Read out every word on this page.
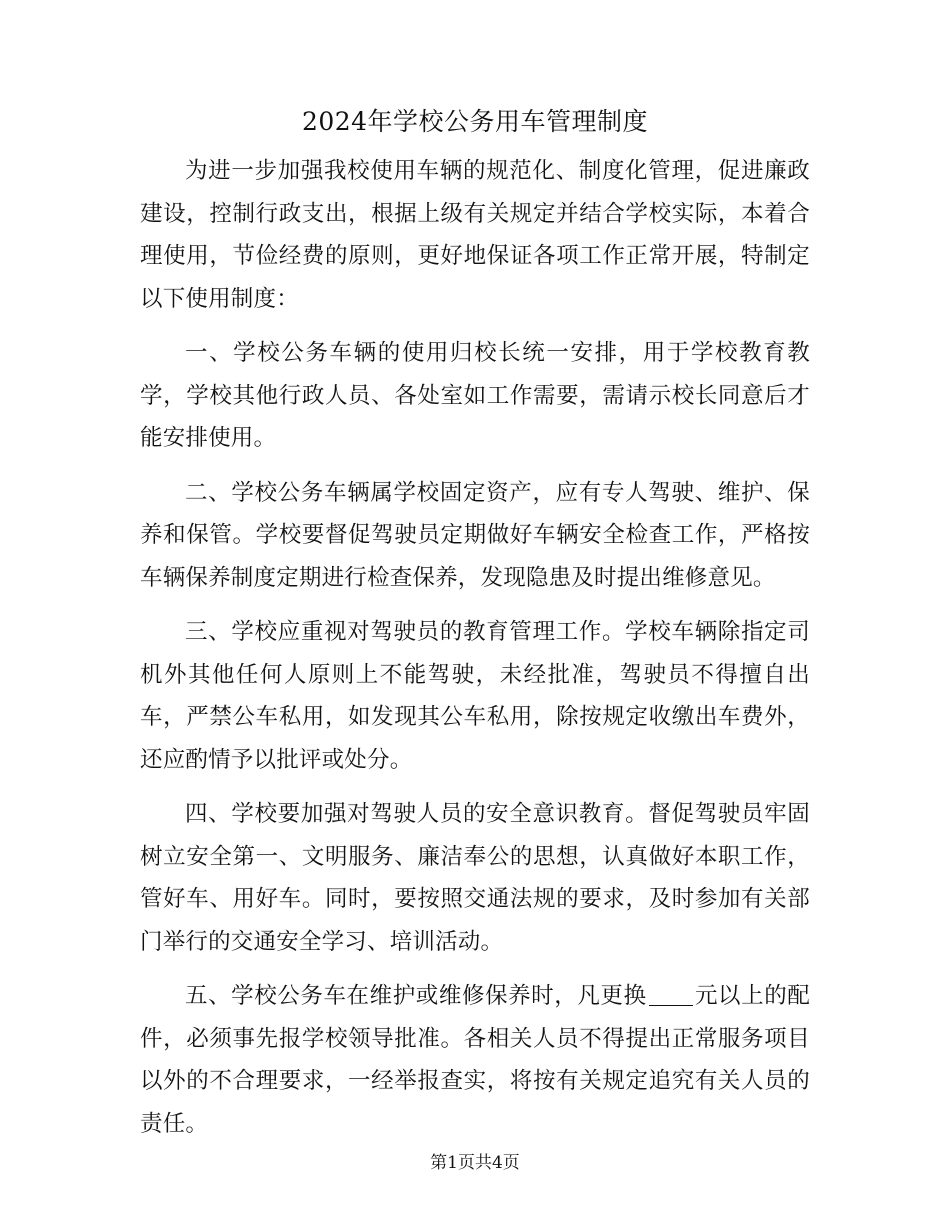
2024年学校公务用车管理制度

为进一步加强我校使用车辆的规范化、制度化管理，促进廉政建设，控制行政支出，根据上级有关规定并结合学校实际，本着合理使用，节俭经费的原则，更好地保证各项工作正常开展，特制定以下使用制度：

一、学校公务车辆的使用归校长统一安排，用于学校教育教学，学校其他行政人员、各处室如工作需要，需请示校长同意后才能安排使用。

二、学校公务车辆属学校固定资产，应有专人驾驶、维护、保养和保管。学校要督促驾驶员定期做好车辆安全检查工作，严格按车辆保养制度定期进行检查保养，发现隐患及时提出维修意见。

三、学校应重视对驾驶员的教育管理工作。学校车辆除指定司机外其他任何人原则上不能驾驶，未经批准，驾驶员不得擅自出车，严禁公车私用，如发现其公车私用，除按规定收缴出车费外，还应酌情予以批评或处分。

四、学校要加强对驾驶人员的安全意识教育。督促驾驶员牢固树立安全第一、文明服务、廉洁奉公的思想，认真做好本职工作，管好车、用好车。同时，要按照交通法规的要求，及时参加有关部门举行的交通安全学习、培训活动。

五、学校公务车在维护或维修保养时，凡更换 元以上的配件，必须事先报学校领导批准。各相关人员不得提出正常服务项目以外的不合理要求，一经举报查实，将按有关规定追究有关人员的责任。

第1页共4页
